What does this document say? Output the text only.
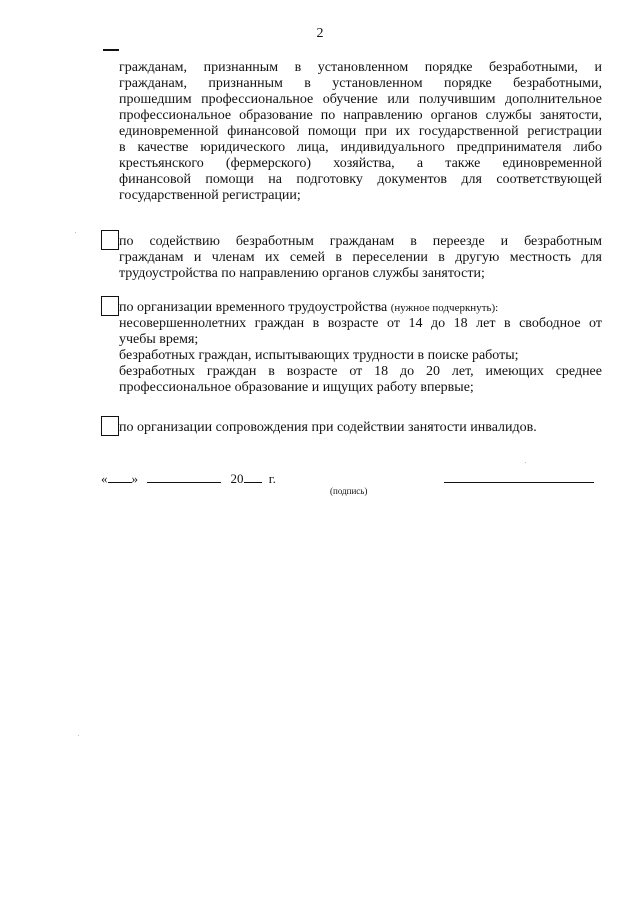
2
гражданам, признанным в установленном порядке безработными, и
гражданам, признанным в установленном порядке безработными,
прошедшим профессиональное обучение или получившим дополнительное
профессиональное образование по направлению органов службы занятости,
единовременной финансовой помощи при их государственной регистрации
в качестве юридического лица, индивидуального предпринимателя либо
крестьянского (фермерского) хозяйства, а также единовременной
финансовой помощи на подготовку документов для соответствующей
государственной регистрации;
по содействию безработным гражданам в переезде и безработным
гражданам и членам их семей в переселении в другую местность для
трудоустройства по направлению органов службы занятости;
по организации временного трудоустройства (нужное подчеркнуть):
несовершеннолетних граждан в возрасте от 14 до 18 лет в свободное от
учебы время;
безработных граждан, испытывающих трудности в поиске работы;
безработных граждан в возрасте от 18 до 20 лет, имеющих среднее
профессиональное образование и ищущих работу впервые;
по организации сопровождения при содействии занятости инвалидов.
« »	20 г.
(подпись)
